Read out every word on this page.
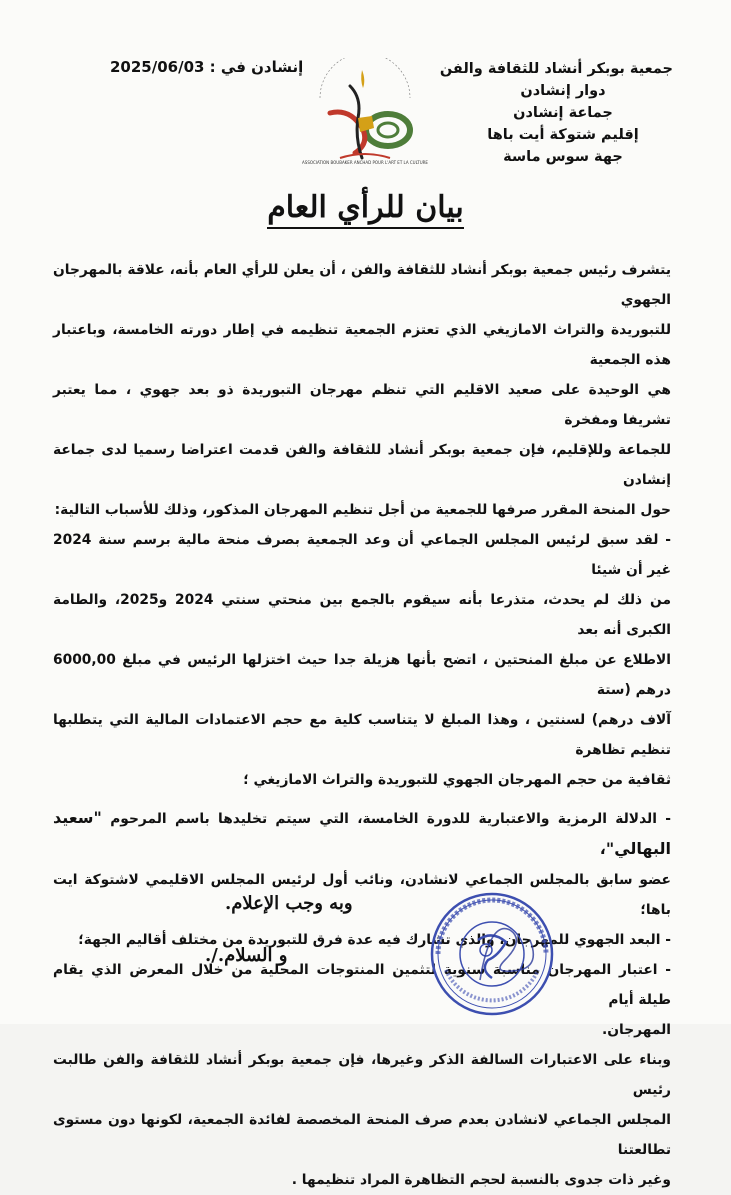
جمعية بوبكر أنشاد للثقافة والفن
دوار إنشادن
جماعة إنشادن
إقليم شتوكة أيت باها
جهة سوس ماسة
إنشادن في : 2025/06/03
ASSOCIATION BOUBAKER ANCHAD POUR L'ART ET LA CULTURE
بيان للرأي العام

يتشرف رئيس جمعية بوبكر أنشاد للثقافة والفن ، أن يعلن للرأي العام بأنه، علاقة بالمهرجان الجهوي

للتبوريدة والتراث الامازيغي الذي تعتزم الجمعية تنظيمه في إطار دورته الخامسة، وباعتبار هذه الجمعية

هي الوحيدة على صعيد الاقليم التي تنظم مهرجان التبوريدة ذو بعد جهوي ، مما يعتبر تشريفا ومفخرة

للجماعة وللإقليم، فإن جمعية بوبكر أنشاد للثقافة والفن قدمت اعتراضا رسميا لدى جماعة إنشادن

حول المنحة المقرر صرفها للجمعية من أجل تنظيم المهرجان المذكور، وذلك للأسباب التالية:

- لقد سبق لرئيس المجلس الجماعي أن وعد الجمعية بصرف منحة مالية برسم سنة 2024 غير أن شيئا

من ذلك لم يحدث، متذرعا بأنه سيقوم بالجمع بين منحتي سنتي 2024 و2025، والطامة الكبرى أنه بعد

الاطلاع عن مبلغ المنحتين ، اتضح بأنها هزيلة جدا حيث اختزلها الرئيس في مبلغ 6000,00 درهم (ستة

آلاف درهم) لسنتين ، وهذا المبلغ لا يتناسب كلية مع حجم الاعتمادات المالية التي يتطلبها تنظيم تظاهرة

ثقافية من حجم المهرجان الجهوي للتبوريدة والتراث الامازيغي ؛

- الدلالة الرمزية والاعتبارية للدورة الخامسة، التي سيتم تخليدها باسم المرحوم "سعيد البهالي"،

عضو سابق بالمجلس الجماعي لانشادن، ونائب أول لرئيس المجلس الاقليمي لاشتوكة ايت باها؛

- البعد الجهوي للمهرجان، والذي تشارك فيه عدة فرق للتبوريدة من مختلف أقاليم الجهة؛

- اعتبار المهرجان مناسبة سنوية لتثمين المنتوجات المحلية من خلال المعرض الذي يقام طيلة أيام

المهرجان.

وبناء على الاعتبارات السالفة الذكر وغيرها، فإن جمعية بوبكر أنشاد للثقافة والفن طالبت رئيس

المجلس الجماعي لانشادن بعدم صرف المنحة المخصصة لفائدة الجمعية، لكونها دون مستوى تطالعتنا

وغير ذات جدوى بالنسبة لحجم التظاهرة المراد تنظيمها .

وبه وجب الإعلام.
و السلام./.
